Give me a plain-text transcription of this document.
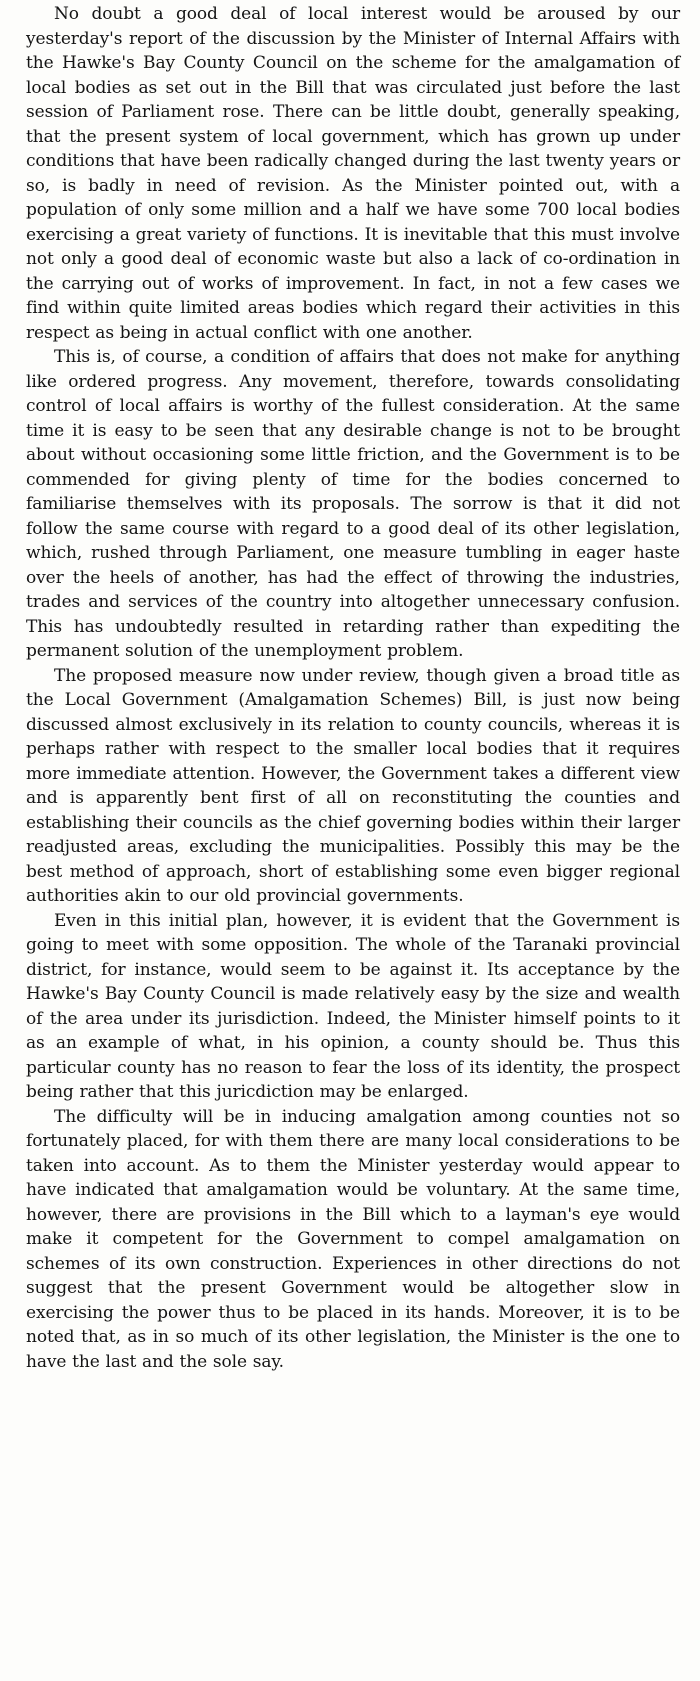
No doubt a good deal of local interest would be aroused by our yesterday's report of the discussion by the Minister of Internal Affairs with the Hawke's Bay County Council on the scheme for the amalgamation of local bodies as set out in the Bill that was circulated just before the last session of Parliament rose. There can be little doubt, generally speaking, that the present system of local government, which has grown up under conditions that have been radically changed during the last twenty years or so, is badly in need of revision. As the Minister pointed out, with a population of only some million and a half we have some 700 local bodies exercising a great variety of functions. It is inevitable that this must involve not only a good deal of economic waste but also a lack of co-ordination in the carrying out of works of improvement. In fact, in not a few cases we find within quite limited areas bodies which regard their activities in this respect as being in actual conflict with one another.

This is, of course, a condition of affairs that does not make for anything like ordered progress. Any movement, therefore, towards consolidating control of local affairs is worthy of the fullest consideration. At the same time it is easy to be seen that any desirable change is not to be brought about without occasioning some little friction, and the Government is to be commended for giving plenty of time for the bodies concerned to familiarise themselves with its proposals. The sorrow is that it did not follow the same course with regard to a good deal of its other legislation, which, rushed through Parliament, one measure tumbling in eager haste over the heels of another, has had the effect of throwing the industries, trades and services of the country into altogether unnecessary confusion. This has undoubtedly resulted in retarding rather than expediting the permanent solution of the unemployment problem.

The proposed measure now under review, though given a broad title as the Local Government (Amalgamation Schemes) Bill, is just now being discussed almost exclusively in its relation to county councils, whereas it is perhaps rather with respect to the smaller local bodies that it requires more immediate attention. However, the Government takes a different view and is apparently bent first of all on reconstituting the counties and establishing their councils as the chief governing bodies within their larger readjusted areas, excluding the municipalities. Possibly this may be the best method of approach, short of establishing some even bigger regional authorities akin to our old provincial governments.

Even in this initial plan, however, it is evident that the Government is going to meet with some opposition. The whole of the Taranaki provincial district, for instance, would seem to be against it. Its acceptance by the Hawke's Bay County Council is made relatively easy by the size and wealth of the area under its jurisdiction. Indeed, the Minister himself points to it as an example of what, in his opinion, a county should be. Thus this particular county has no reason to fear the loss of its identity, the prospect being rather that this juricdiction may be enlarged.

The difficulty will be in inducing amalgation among counties not so fortunately placed, for with them there are many local considerations to be taken into account. As to them the Minister yesterday would appear to have indicated that amalgamation would be voluntary. At the same time, however, there are provisions in the Bill which to a layman's eye would make it competent for the Government to compel amalgamation on schemes of its own construction. Experiences in other directions do not suggest that the present Government would be altogether slow in exercising the power thus to be placed in its hands. Moreover, it is to be noted that, as in so much of its other legislation, the Minister is the one to have the last and the sole say.
